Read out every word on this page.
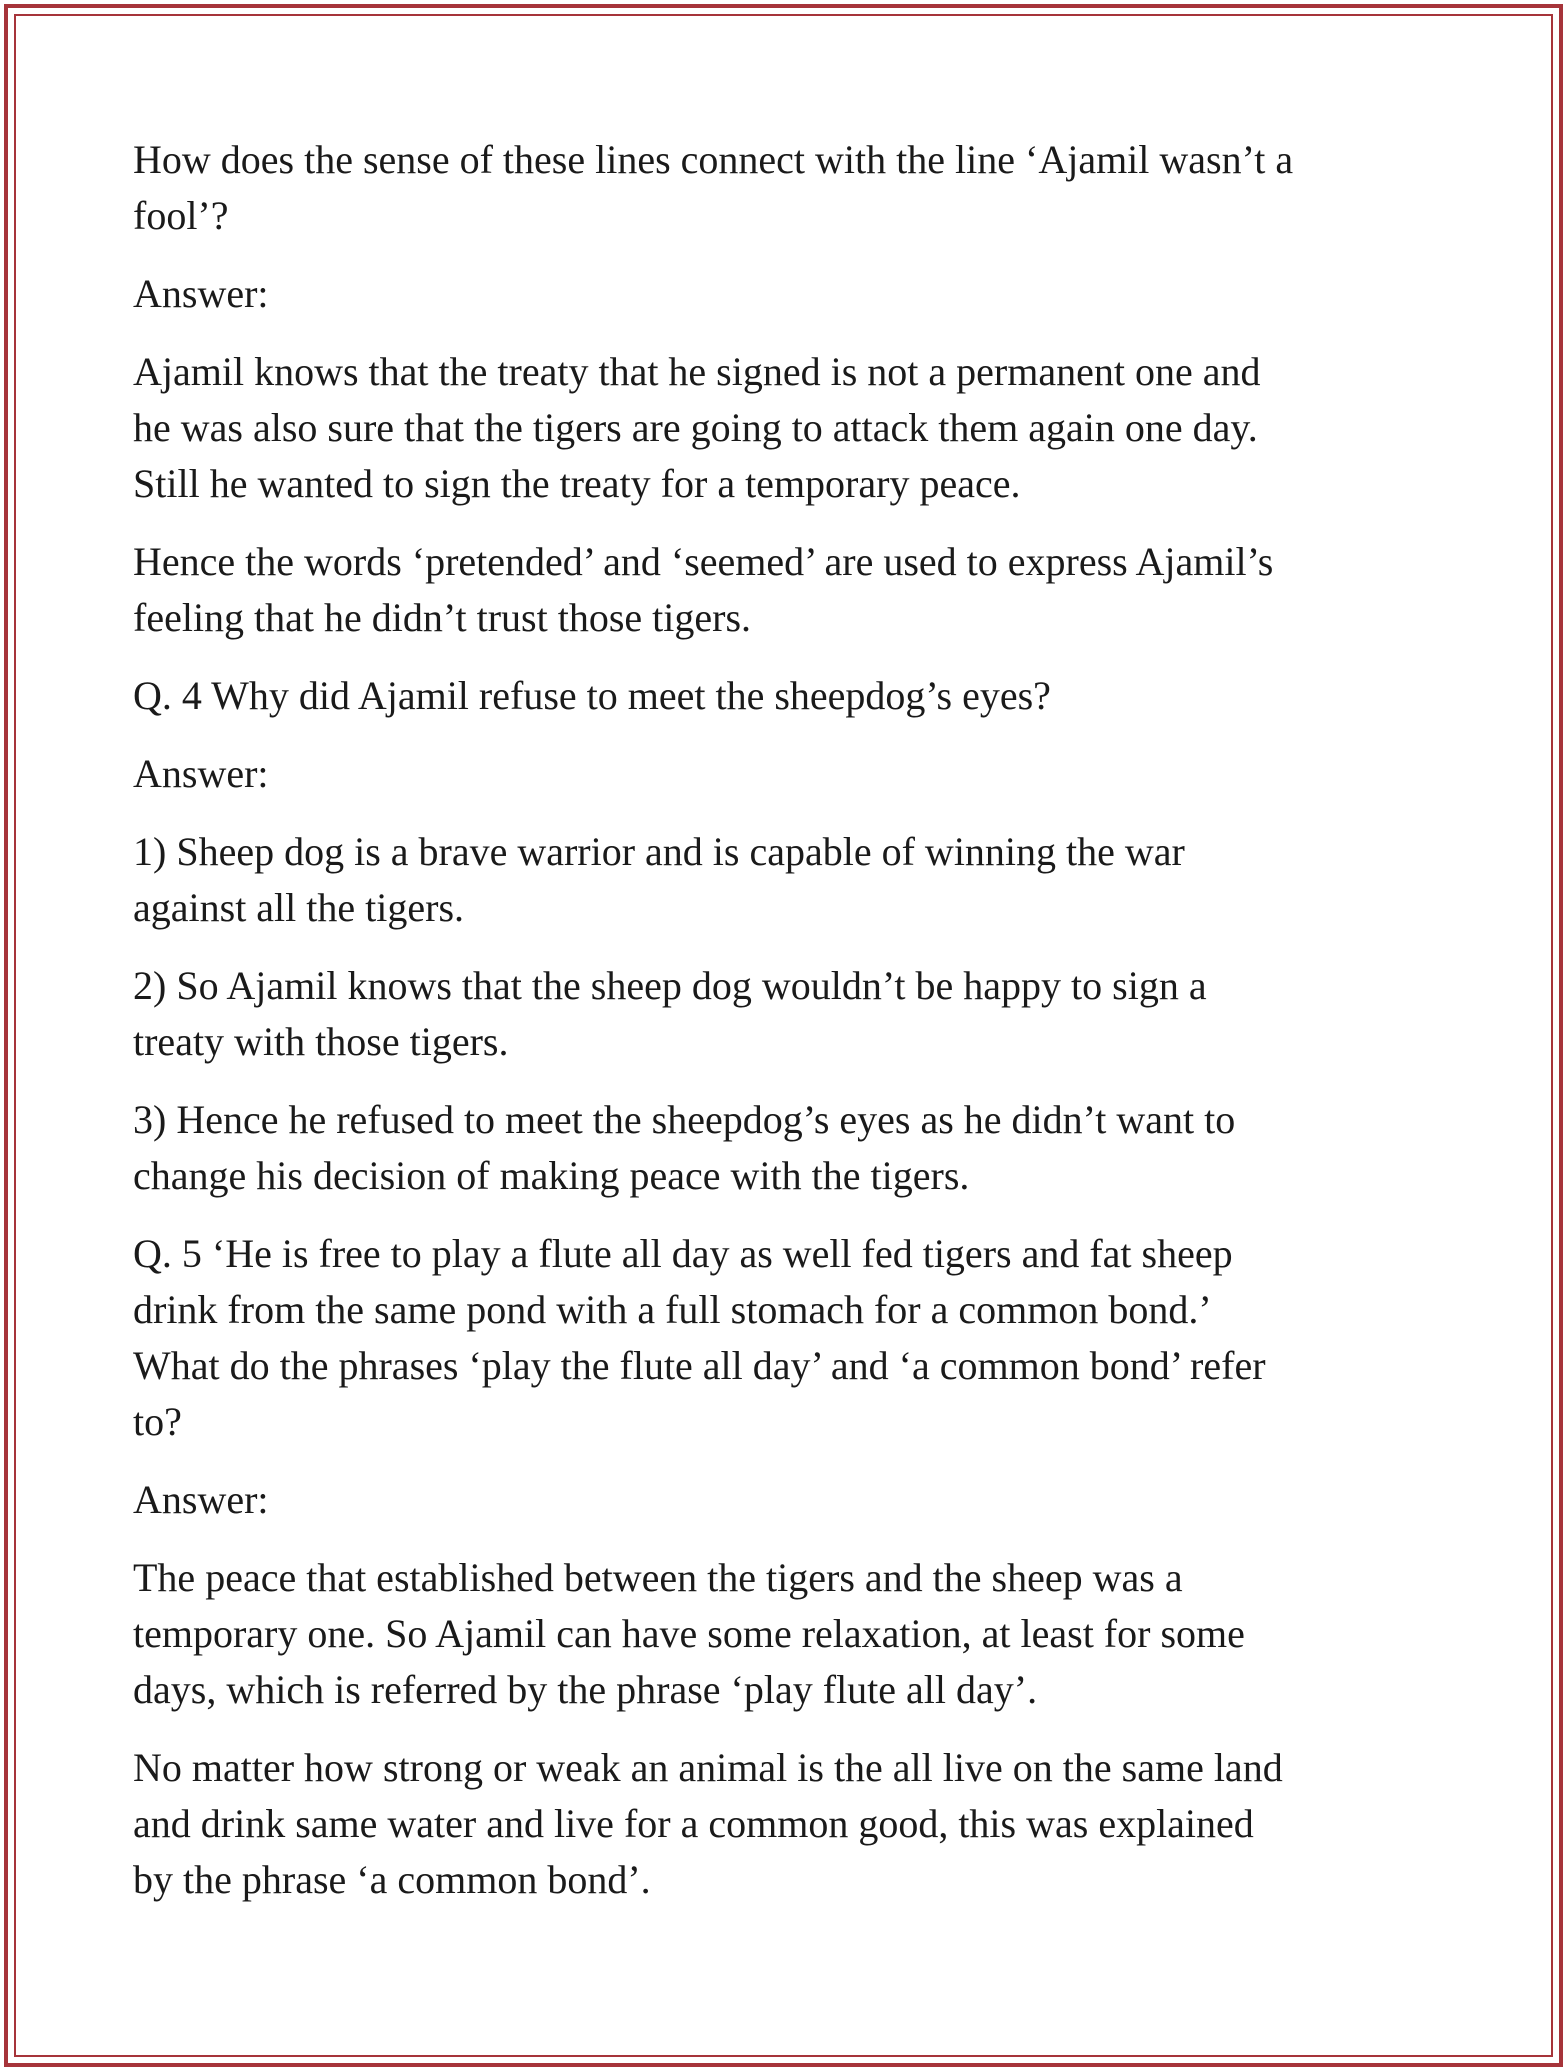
How does the sense of these lines connect with the line ‘Ajamil wasn’t a
fool’?

Answer:

Ajamil knows that the treaty that he signed is not a permanent one and
he was also sure that the tigers are going to attack them again one day.
Still he wanted to sign the treaty for a temporary peace.

Hence the words ‘pretended’ and ‘seemed’ are used to express Ajamil’s
feeling that he didn’t trust those tigers.

Q. 4 Why did Ajamil refuse to meet the sheepdog’s eyes?

Answer:

1) Sheep dog is a brave warrior and is capable of winning the war
against all the tigers.

2) So Ajamil knows that the sheep dog wouldn’t be happy to sign a
treaty with those tigers.

3) Hence he refused to meet the sheepdog’s eyes as he didn’t want to
change his decision of making peace with the tigers.

Q. 5 ‘He is free to play a flute all day as well fed tigers and fat sheep
drink from the same pond with a full stomach for a common bond.’
What do the phrases ‘play the flute all day’ and ‘a common bond’ refer
to?

Answer:

The peace that established between the tigers and the sheep was a
temporary one. So Ajamil can have some relaxation, at least for some
days, which is referred by the phrase ‘play flute all day’.

No matter how strong or weak an animal is the all live on the same land
and drink same water and live for a common good, this was explained
by the phrase ‘a common bond’.
